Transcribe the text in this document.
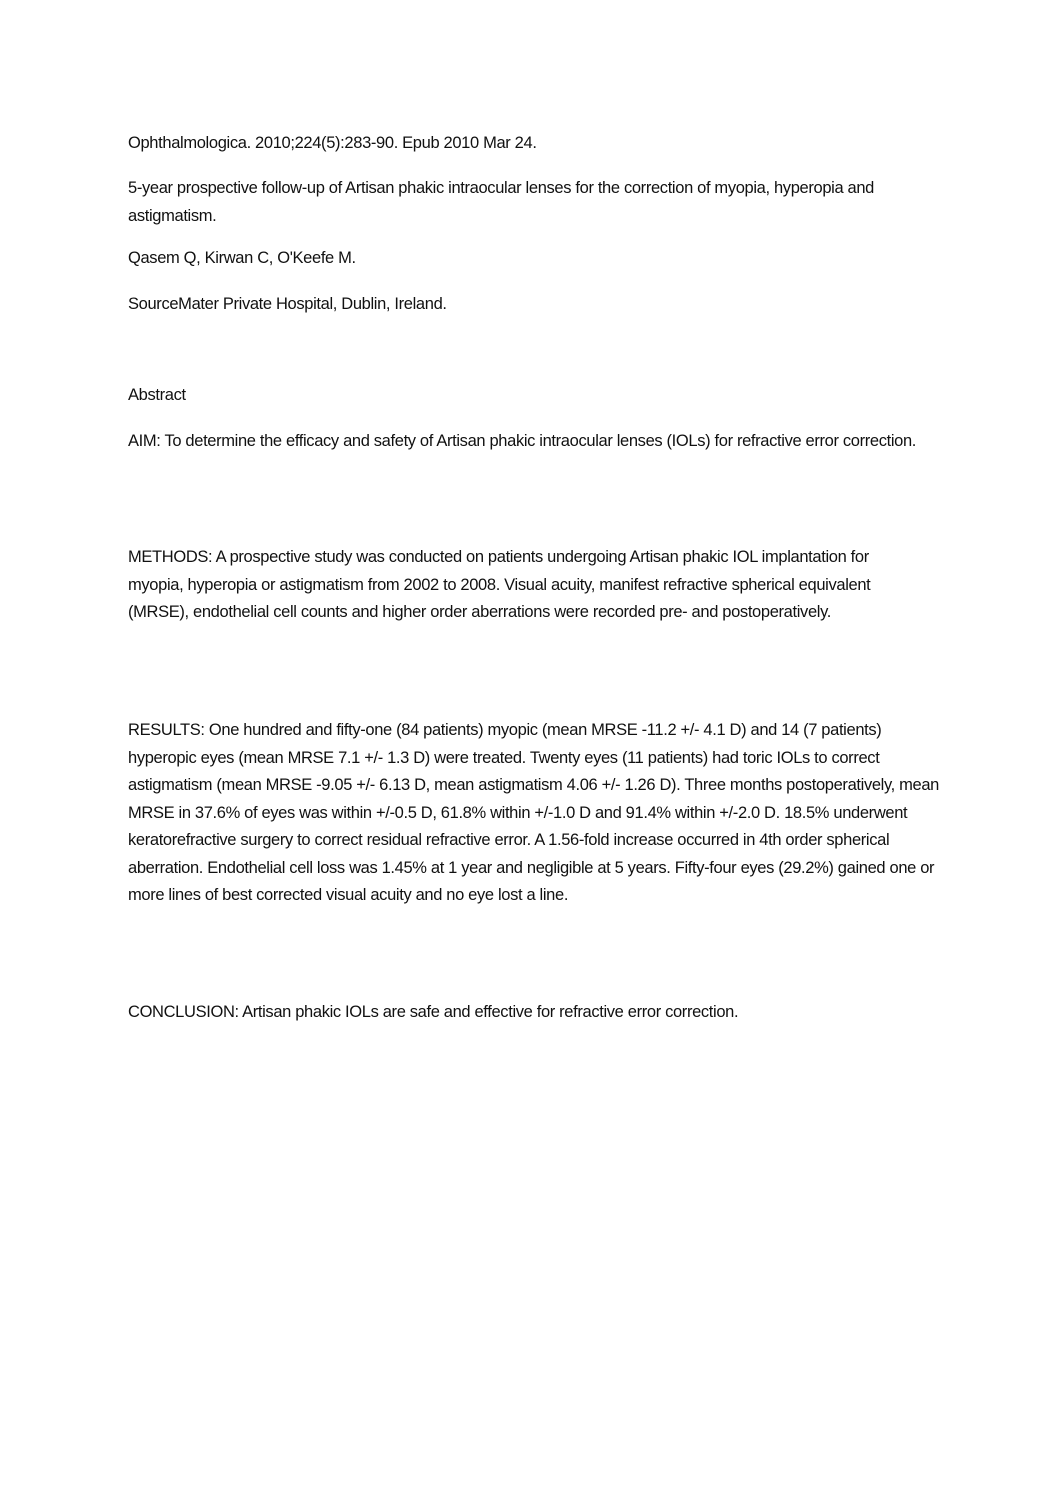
Ophthalmologica. 2010;224(5):283-90. Epub 2010 Mar 24.

5-year prospective follow-up of Artisan phakic intraocular lenses for the correction of myopia, hyperopia and astigmatism.

Qasem Q, Kirwan C, O'Keefe M.

SourceMater Private Hospital, Dublin, Ireland.

Abstract

AIM: To determine the efficacy and safety of Artisan phakic intraocular lenses (IOLs) for refractive error correction.

METHODS: A prospective study was conducted on patients undergoing Artisan phakic IOL implantation for myopia, hyperopia or astigmatism from 2002 to 2008. Visual acuity, manifest refractive spherical equivalent (MRSE), endothelial cell counts and higher order aberrations were recorded pre- and postoperatively.

RESULTS: One hundred and fifty-one (84 patients) myopic (mean MRSE -11.2 +/- 4.1 D) and 14 (7 patients) hyperopic eyes (mean MRSE 7.1 +/- 1.3 D) were treated. Twenty eyes (11 patients) had toric IOLs to correct astigmatism (mean MRSE -9.05 +/- 6.13 D, mean astigmatism 4.06 +/- 1.26 D). Three months postoperatively, mean MRSE in 37.6% of eyes was within +/-0.5 D, 61.8% within +/-1.0 D and 91.4% within +/-2.0 D. 18.5% underwent keratorefractive surgery to correct residual refractive error. A 1.56-fold increase occurred in 4th order spherical aberration. Endothelial cell loss was 1.45% at 1 year and negligible at 5 years. Fifty-four eyes (29.2%) gained one or more lines of best corrected visual acuity and no eye lost a line.

CONCLUSION: Artisan phakic IOLs are safe and effective for refractive error correction.
